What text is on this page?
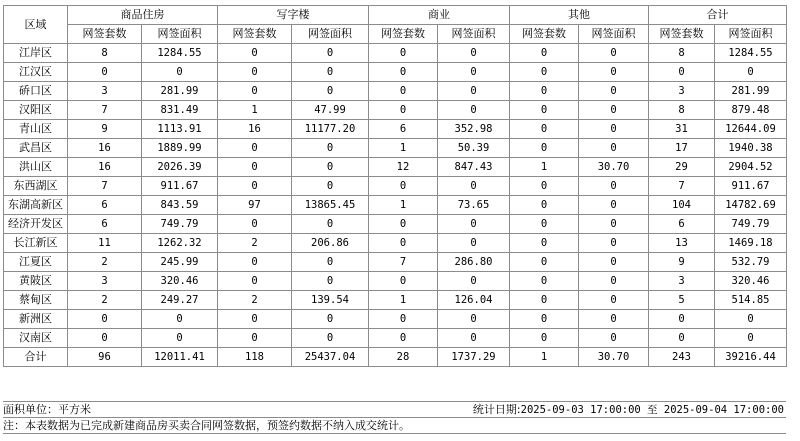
区域	商品住房		写字楼		商业		其他		合计	
	网签套数	网签面积	网签套数	网签面积	网签套数	网签面积	网签套数	网签面积	网签套数	网签面积
江岸区	8	1284.55	0	0	0	0	0	0	8	1284.55
江汉区	0	0	0	0	0	0	0	0	0	0
硚口区	3	281.99	0	0	0	0	0	0	3	281.99
汉阳区	7	831.49	1	47.99	0	0	0	0	8	879.48
青山区	9	1113.91	16	11177.20	6	352.98	0	0	31	12644.09
武昌区	16	1889.99	0	0	1	50.39	0	0	17	1940.38
洪山区	16	2026.39	0	0	12	847.43	1	30.70	29	2904.52
东西湖区	7	911.67	0	0	0	0	0	0	7	911.67
东湖高新区	6	843.59	97	13865.45	1	73.65	0	0	104	14782.69
经济开发区	6	749.79	0	0	0	0	0	0	6	749.79
长江新区	11	1262.32	2	206.86	0	0	0	0	13	1469.18
江夏区	2	245.99	0	0	7	286.80	0	0	9	532.79
黄陂区	3	320.46	0	0	0	0	0	0	3	320.46
蔡甸区	2	249.27	2	139.54	1	126.04	0	0	5	514.85
新洲区	0	0	0	0	0	0	0	0	0	0
汉南区	0	0	0	0	0	0	0	0	0	0
合计	96	12011.41	118	25437.04	28	1737.29	1	30.70	243	39216.44
面积单位：平方米	统计日期:2025-09-03 17:00:00 至 2025-09-04 17:00:00
注：本表数据为已完成新建商品房买卖合同网签数据，预签约数据不纳入成交统计。
